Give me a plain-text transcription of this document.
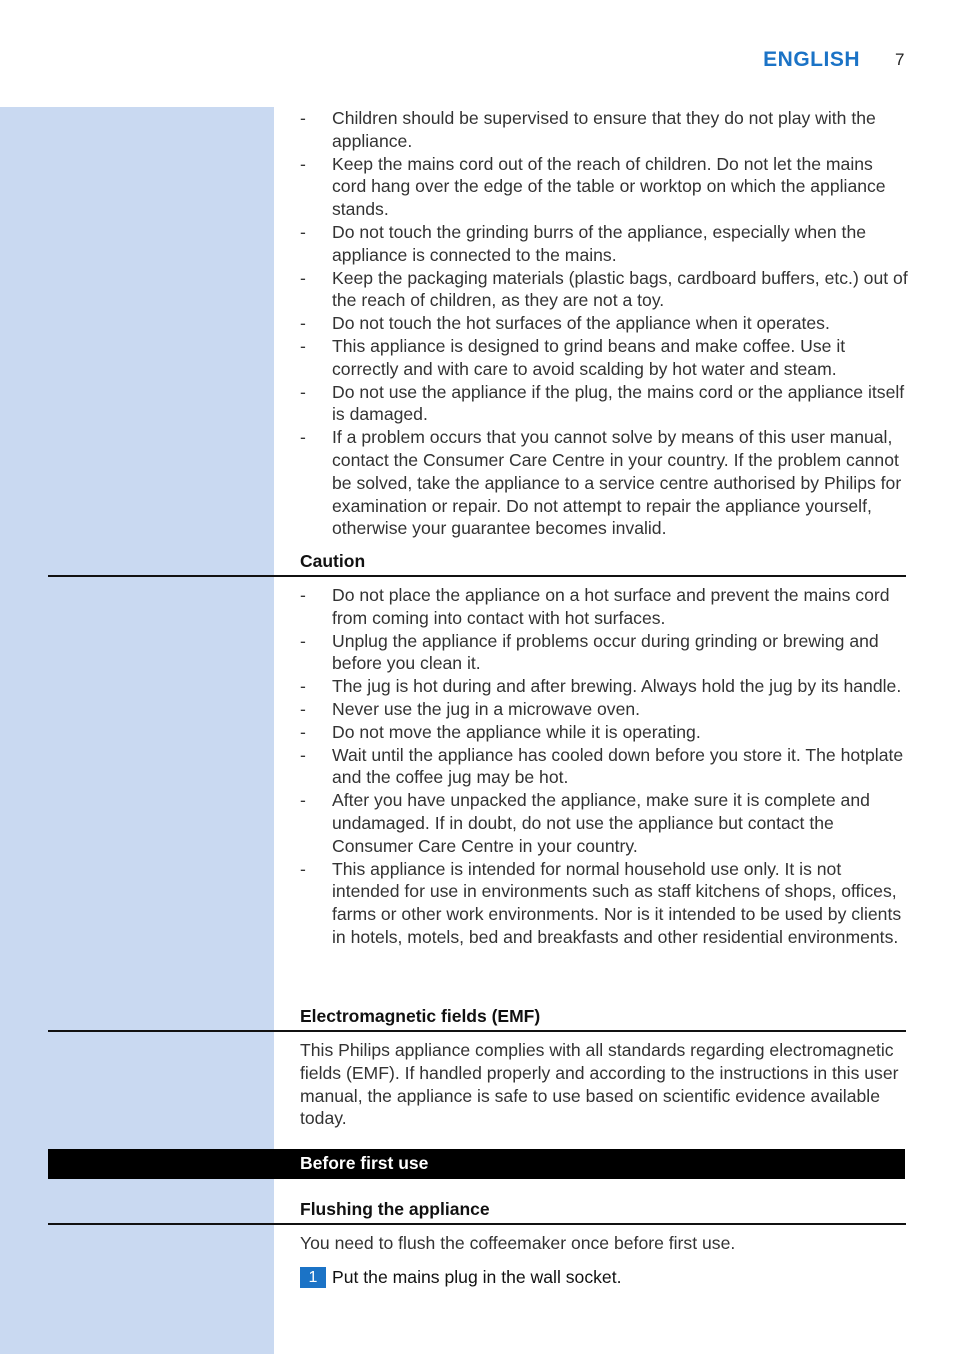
ENGLISH 7
- Children should be supervised to ensure that they do not play with the appliance.
- Keep the mains cord out of the reach of children. Do not let the mains cord hang over the edge of the table or worktop on which the appliance stands.
- Do not touch the grinding burrs of the appliance, especially when the appliance is connected to the mains.
- Keep the packaging materials (plastic bags, cardboard buffers, etc.) out of the reach of children, as they are not a toy.
- Do not touch the hot surfaces of the appliance when it operates.
- This appliance is designed to grind beans and make coffee. Use it correctly and with care to avoid scalding by hot water and steam.
- Do not use the appliance if the plug, the mains cord or the appliance itself is damaged.
- If a problem occurs that you cannot solve by means of this user manual, contact the Consumer Care Centre in your country. If the problem cannot be solved, take the appliance to a service centre authorised by Philips for examination or repair. Do not attempt to repair the appliance yourself, otherwise your guarantee becomes invalid.
Caution
- Do not place the appliance on a hot surface and prevent the mains cord from coming into contact with hot surfaces.
- Unplug the appliance if problems occur during grinding or brewing and before you clean it.
- The jug is hot during and after brewing. Always hold the jug by its handle.
- Never use the jug in a microwave oven.
- Do not move the appliance while it is operating.
- Wait until the appliance has cooled down before you store it. The hotplate and the coffee jug may be hot.
- After you have unpacked the appliance, make sure it is complete and undamaged. If in doubt, do not use the appliance but contact the Consumer Care Centre in your country.
- This appliance is intended for normal household use only. It is not intended for use in environments such as staff kitchens of shops, offices, farms or other work environments. Nor is it intended to be used by clients in hotels, motels, bed and breakfasts and other residential environments.
Electromagnetic fields (EMF)
This Philips appliance complies with all standards regarding electromagnetic fields (EMF). If handled properly and according to the instructions in this user manual, the appliance is safe to use based on scientific evidence available today.
Before first use
Flushing the appliance
You need to flush the coffeemaker once before first use.
1 Put the mains plug in the wall socket.
